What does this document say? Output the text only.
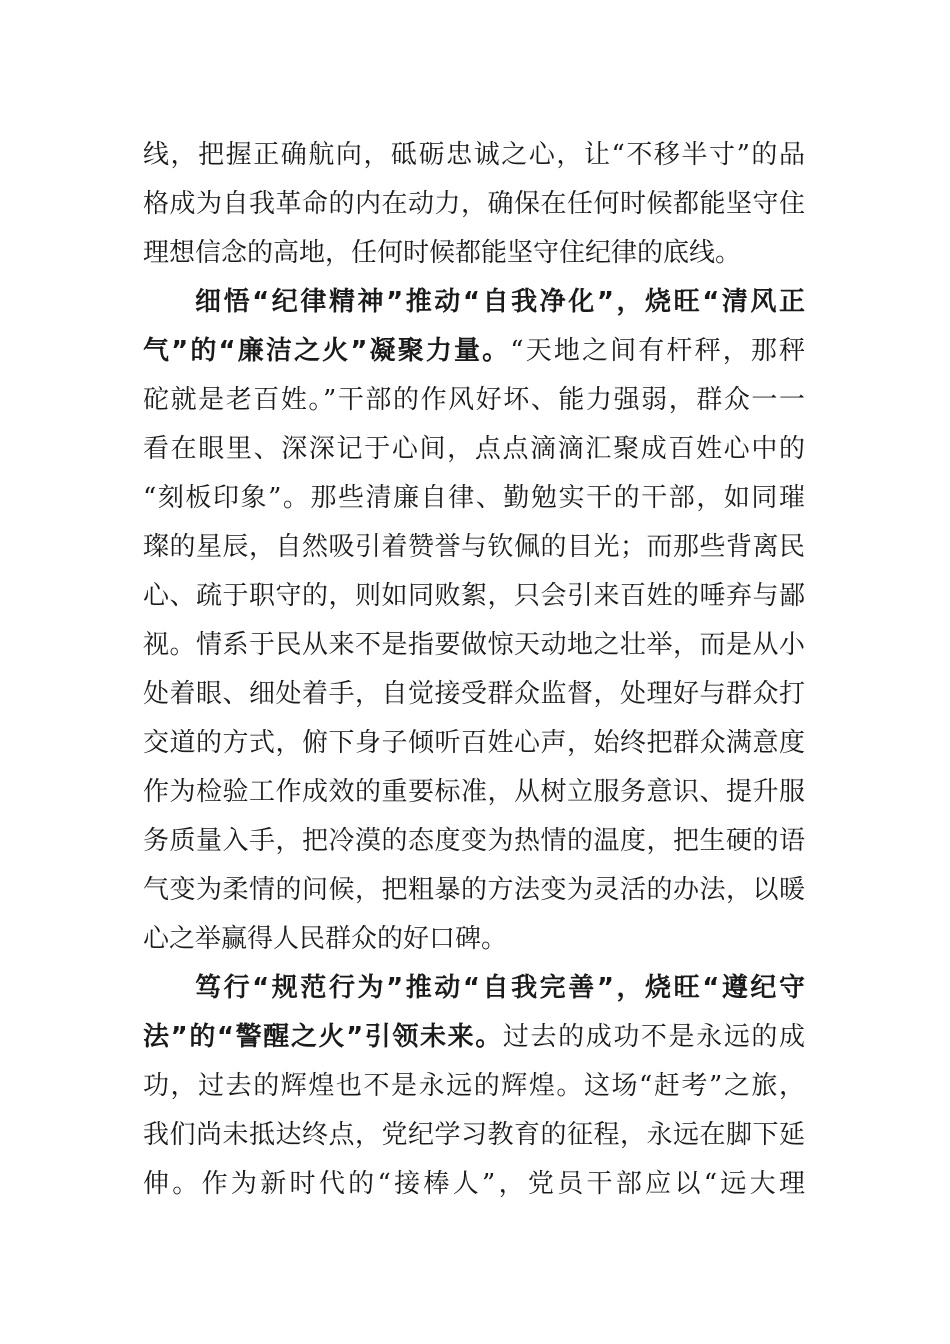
线，把握正确航向，砥砺忠诚之心，让“不移半寸”的品
格成为自我革命的内在动力，确保在任何时候都能坚守住
理想信念的高地，任何时候都能坚守住纪律的底线。
细悟“纪律精神”推动“自我净化”，烧旺“清风正
气”的“廉洁之火”凝聚力量。“天地之间有杆秤，那秤
砣就是老百姓。”干部的作风好坏、能力强弱，群众一一
看在眼里、深深记于心间，点点滴滴汇聚成百姓心中的
“刻板印象”。那些清廉自律、勤勉实干的干部，如同璀
璨的星辰，自然吸引着赞誉与钦佩的目光；而那些背离民
心、疏于职守的，则如同败絮，只会引来百姓的唾弃与鄙
视。情系于民从来不是指要做惊天动地之壮举，而是从小
处着眼、细处着手，自觉接受群众监督，处理好与群众打
交道的方式，俯下身子倾听百姓心声，始终把群众满意度
作为检验工作成效的重要标准，从树立服务意识、提升服
务质量入手，把冷漠的态度变为热情的温度，把生硬的语
气变为柔情的问候，把粗暴的方法变为灵活的办法，以暖
心之举赢得人民群众的好口碑。
笃行“规范行为”推动“自我完善”，烧旺“遵纪守
法”的“警醒之火”引领未来。过去的成功不是永远的成
功，过去的辉煌也不是永远的辉煌。这场“赶考”之旅，
我们尚未抵达终点，党纪学习教育的征程，永远在脚下延
伸。作为新时代的“接棒人”，党员干部应以“远大理
